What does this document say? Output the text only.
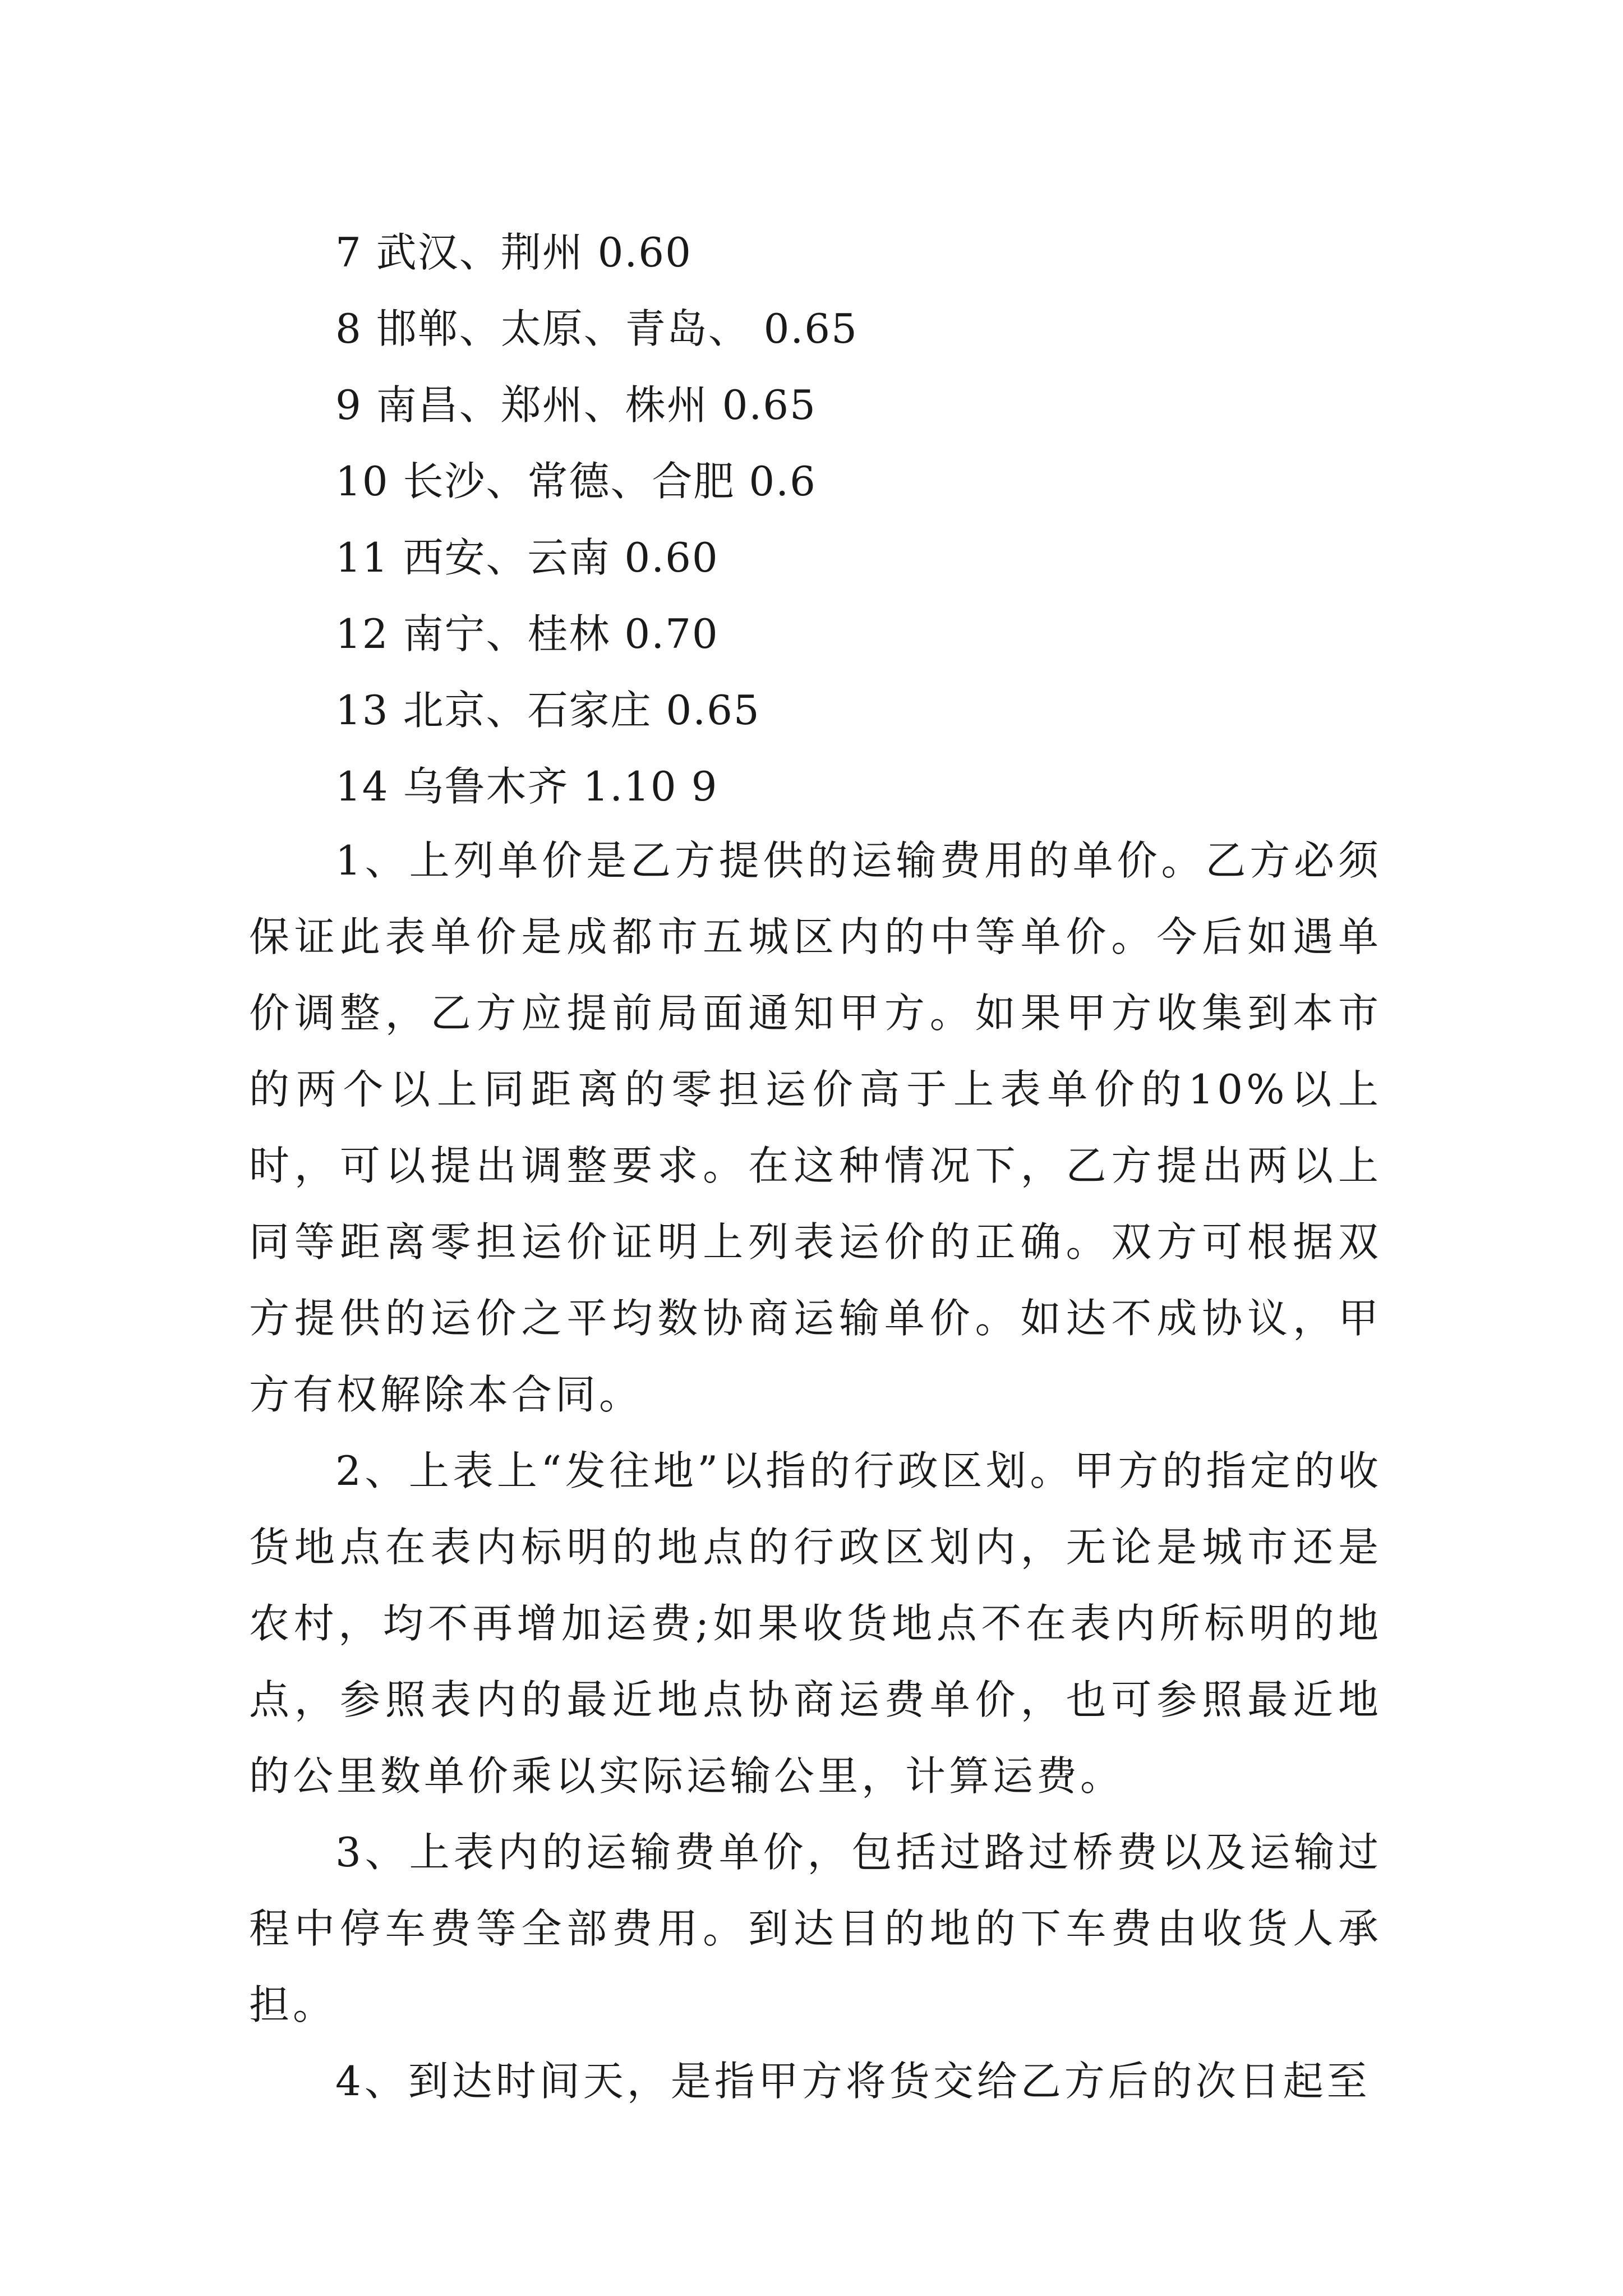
7 武汉、荆州 0.60
8 邯郸、太原、青岛、 0.65
9 南昌、郑州、株州 0.65
10 长沙、常德、合肥 0.6
11 西安、云南 0.60
12 南宁、桂林 0.70
13 北京、石家庄 0.65
14 乌鲁木齐 1.10 9

1、上列单价是乙方提供的运输费用的单价。乙方必须保证此表单价是成都市五城区内的中等单价。今后如遇单价调整，乙方应提前局面通知甲方。如果甲方收集到本市的两个以上同距离的零担运价高于上表单价的10%以上时，可以提出调整要求。在这种情况下，乙方提出两以上同等距离零担运价证明上列表运价的正确。双方可根据双方提供的运价之平均数协商运输单价。如达不成协议，甲方有权解除本合同。

2、上表上“发往地”以指的行政区划。甲方的指定的收货地点在表内标明的地点的行政区划内，无论是城市还是农村，均不再增加运费;如果收货地点不在表内所标明的地点，参照表内的最近地点协商运费单价，也可参照最近地的公里数单价乘以实际运输公里，计算运费。

3、上表内的运输费单价，包括过路过桥费以及运输过程中停车费等全部费用。到达目的地的下车费由收货人承担。

4、到达时间天，是指甲方将货交给乙方后的次日起至
